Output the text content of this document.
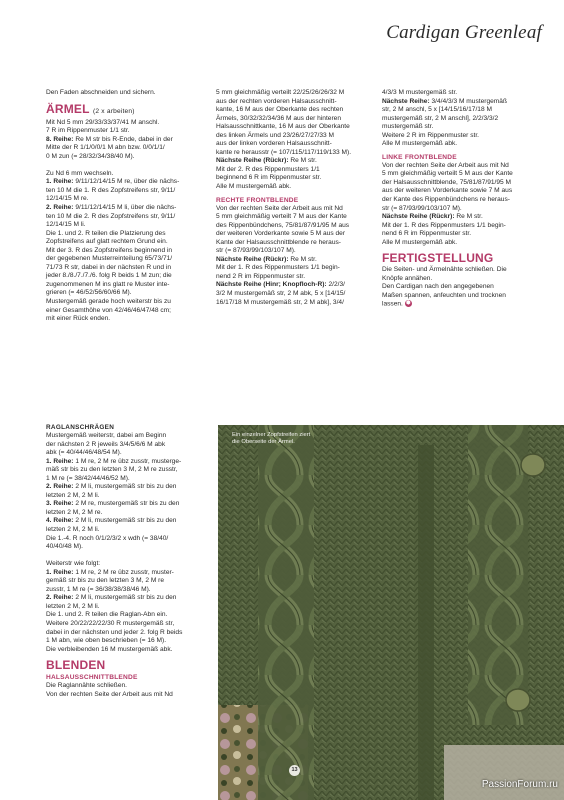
Cardigan Greenleaf

Den Faden abschneiden und sichern.

ÄRMEL (2 x arbeiten)

Mit Nd 5 mm 29/33/33/37/41 M anschl.

7 R im Rippenmuster 1/1 str.

8. Reihe: Re M str bis R-Ende, dabei in der

Mitte der R 1/1/0/0/1 M abn bzw. 0/0/1/1/

0 M zun (= 28/32/34/38/40 M).

Zu Nd 6 mm wechseln.

1. Reihe: 9/11/12/14/15 M re, über die nächs-

ten 10 M die 1. R des Zopfstreifens str, 9/11/

12/14/15 M re.

2. Reihe: 9/11/12/14/15 M li, über die nächs-

ten 10 M die 2. R des Zopfstreifens str, 9/11/

12/14/15 M li.

Die 1. und 2. R teilen die Platzierung des

Zopfstreifens auf glatt rechtem Grund ein.

Mit der 3. R des Zopfstreifens beginnend in

der gegebenen Musterreinteilung 65/73/71/

71/73 R str, dabei in der nächsten R und in

jeder 8./8./7./7./6. folg R beids 1 M zun; die

zugenommenen M ins glatt re Muster inte-

grieren (= 46/52/56/60/66 M).

Mustergemäß gerade hoch weiterstr bis zu

einer Gesamthöhe von 42/46/46/47/48 cm;

mit einer Rück enden.

RAGLANSCHRÄGEN

Mustergemäß weiterstr, dabei am Beginn

der nächsten 2 R jeweils 3/4/5/6/6 M abk

abk (= 40/44/46/48/54 M).

1. Reihe: 1 M re, 2 M re übz zusstr, musterge-

mäß str bis zu den letzten 3 M, 2 M re zusstr,

1 M re (= 38/42/44/46/52 M).

2. Reihe: 2 M li, mustergemäß str bis zu den

letzten 2 M, 2 M li.

3. Reihe: 2 M re, mustergemäß str bis zu den

letzten 2 M, 2 M re.

4. Reihe: 2 M li, mustergemäß str bis zu den

letzten 2 M, 2 M li.

Die 1.-4. R noch 0/1/2/3/2 x wdh (= 38/40/

40/40/48 M).

Weiterstr wie folgt:

1. Reihe: 1 M re, 2 M re übz zusstr, muster-

gemäß str bis zu den letzten 3 M, 2 M re

zusstr, 1 M re (= 36/38/38/38/46 M).

2. Reihe: 2 M li, mustergemäß str bis zu den

letzten 2 M, 2 M li.

Die 1. und 2. R teilen die Raglan-Abn ein.

Weitere 20/22/22/22/30 R mustergemäß str,

dabei in der nächsten und jeder 2. folg R beids

1 M abn, wie oben beschrieben (= 16 M).

Die verbleibenden 16 M mustergemäß abk.

BLENDEN
HALSAUSSCHNITTBLENDE

Die Raglannähte schließen.

Von der rechten Seite der Arbeit aus mit Nd

5 mm gleichmäßig verteilt 22/25/26/26/32 M

aus der rechten vorderen Halsausschnitt-

kante, 16 M aus der Oberkante des rechten

Ärmels, 30/32/32/34/36 M aus der hinteren

Halsausschnittkante, 16 M aus der Oberkante

des linken Ärmels und 23/26/27/27/33 M

aus der linken vorderen Halsausschnitt-

kante re herausstr (= 107/115/117/119/133 M).

Nächste Reihe (Rückr): Re M str.

Mit der 2. R des Rippenmusters 1/1

beginnend 6 R im Rippenmuster str.

Alle M mustergemäß abk.

RECHTE FRONTBLENDE

Von der rechten Seite der Arbeit aus mit Nd

5 mm gleichmäßig verteilt 7 M aus der Kante

des Rippenbündchens, 75/81/87/91/95 M aus

der weiteren Vorderkante sowie 5 M aus der

Kante der Halsausschnittblende re heraus-

str (= 87/93/99/103/107 M).

Nächste Reihe (Rückr): Re M str.

Mit der 1. R des Rippenmusters 1/1 begin-

nend 2 R im Rippenmuster str.

Nächste Reihe (Hinr; Knopfloch-R): 2/2/3/

3/2 M mustergemäß str, 2 M abk, 5 x [14/15/

16/17/18 M mustergemäß str, 2 M abk], 3/4/

4/3/3 M mustergemäß str.

Nächste Reihe: 3/4/4/3/3 M mustergemäß

str, 2 M anschl, 5 x [14/15/16/17/18 M

mustergemäß str, 2 M anschl], 2/2/3/3/2

mustergemäß str.

Weitere 2 R im Rippenmuster str.

Alle M mustergemäß abk.

LINKE FRONTBLENDE

Von der rechten Seite der Arbeit aus mit Nd

5 mm gleichmäßig verteilt 5 M aus der Kante

der Halsausschnittblende, 75/81/87/91/95 M

aus der weiteren Vorderkante sowie 7 M aus

der Kante des Rippenbündchens re heraus-

str (= 87/93/99/103/107 M).

Nächste Reihe (Rückr): Re M str.

Mit der 1. R des Rippenmusters 1/1 begin-

nend 6 R im Rippenmuster str.

Alle M mustergemäß abk.

FERTIGSTELLUNG

Die Seiten- und Ärmelnähte schließen. Die

Knöpfe annähen.

Den Cardigan nach den angegebenen

Maßen spannen, anfeuchten und trocknen

lassen. ⬢

Ein einzelner Zopfstreifen ziert die Oberseite der Ärmel.
13
PassionForum.ru
